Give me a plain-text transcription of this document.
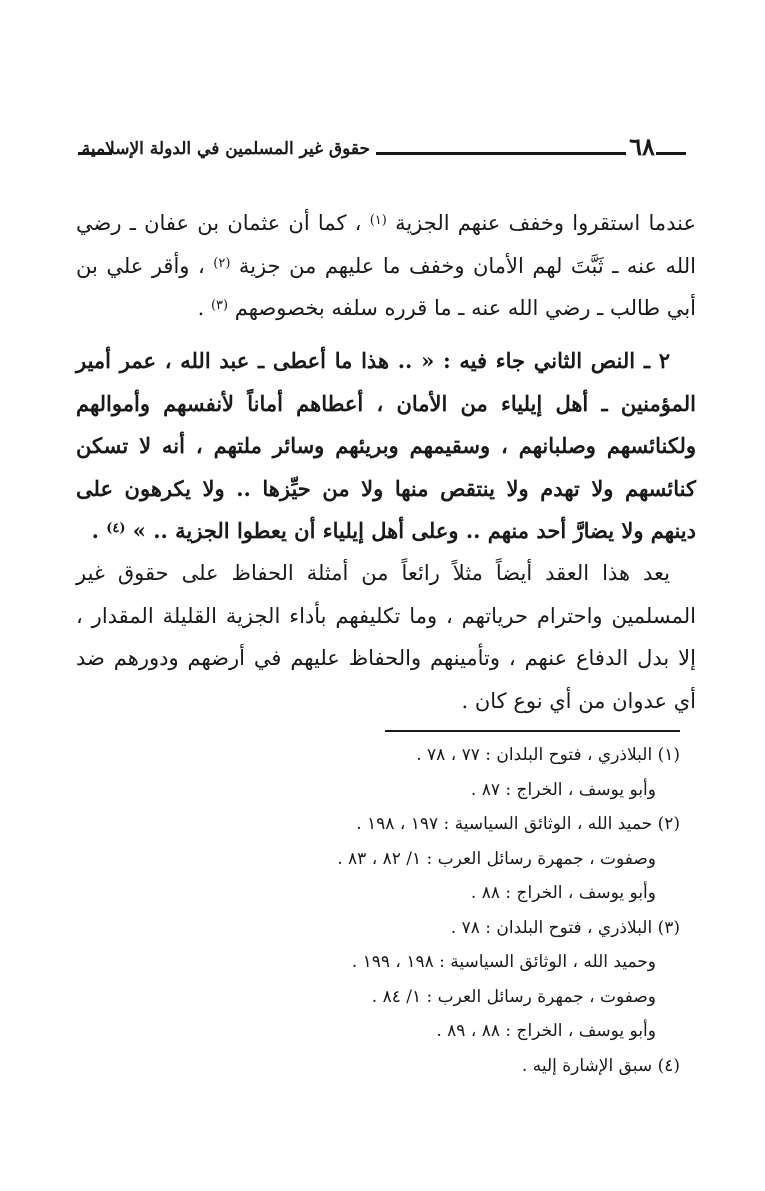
حقوق غير المسلمين في الدولة الإسلامية	٦٨

عندما استقروا وخفف عنهم الجزية $^{(١)}$ ، كما أن عثمان بن عفان ـ رضي الله عنه ـ ثَبَّتَ لهم الأمان وخفف ما عليهم من جزية $^{(٢)}$ ، وأقر علي بن أبي طالب ـ رضي الله عنه ـ ما قرره سلفه بخصوصهم $^{(٣)}$ .

٢ ـ النص الثاني جاء فيه : « .. هذا ما أعطى ـ عبد الله ، عمر أمير المؤمنين ـ أهل إيلياء من الأمان ، أعطاهم أماناً لأنفسهم وأموالهم ولكنائسهم وصلبانهم ، وسقيمهم وبريئهم وسائر ملتهم ، أنه لا تسكن كنائسهم ولا تهدم ولا ينتقص منها ولا من حيِّزها .. ولا يكرهون على دينهم ولا يضارَّ أحد منهم .. وعلى أهل إيلياء أن يعطوا الجزية .. » $^{(٤)}$ .

يعد هذا العقد أيضاً مثلاً رائعاً من أمثلة الحفاظ على حقوق غير المسلمين واحترام حرياتهم ، وما تكليفهم بأداء الجزية القليلة المقدار ، إلا بدل الدفاع عنهم ، وتأمينهم والحفاظ عليهم في أرضهم ودورهم ضد أي عدوان من أي نوع كان .

(١) البلاذري ، فتوح البلدان : ٧٧ ، ٧٨ .
وأبو يوسف ، الخراج : ٨٧ .
(٢) حميد الله ، الوثائق السياسية : ١٩٧ ، ١٩٨ .
وصفوت ، جمهرة رسائل العرب : ١/ ٨٢ ، ٨٣ .
وأبو يوسف ، الخراج : ٨٨ .
(٣) البلاذري ، فتوح البلدان : ٧٨ .
وحميد الله ، الوثائق السياسية : ١٩٨ ، ١٩٩ .
وصفوت ، جمهرة رسائل العرب : ١/ ٨٤ .
وأبو يوسف ، الخراج : ٨٨ ، ٨٩ .
(٤) سبق الإشارة إليه .
